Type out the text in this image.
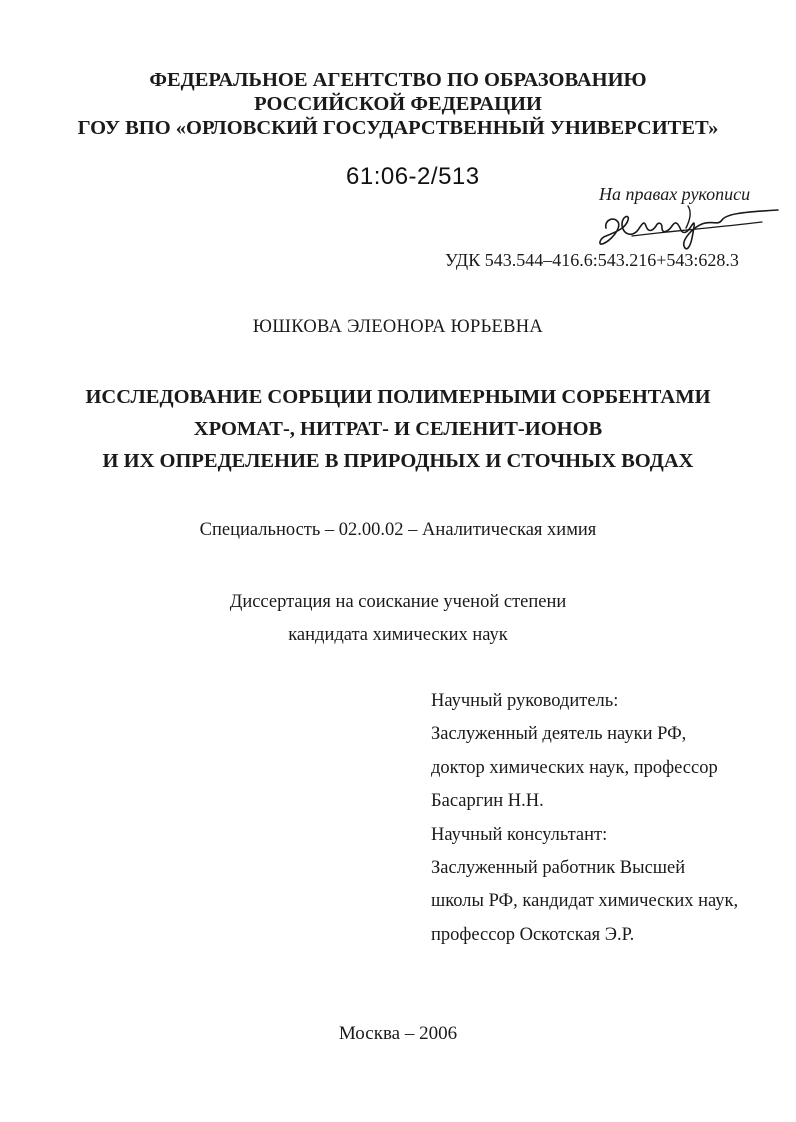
ФЕДЕРАЛЬНОЕ АГЕНТСТВО ПО ОБРАЗОВАНИЮ
РОССИЙСКОЙ ФЕДЕРАЦИИ
ГОУ ВПО «ОРЛОВСКИЙ ГОСУДАРСТВЕННЫЙ УНИВЕРСИТЕТ»
61:06-2/513
На правах рукописи
УДК 543.544–416.6:543.216+543:628.3
ЮШКОВА ЭЛЕОНОРА ЮРЬЕВНА
ИССЛЕДОВАНИЕ СОРБЦИИ ПОЛИМЕРНЫМИ СОРБЕНТАМИ
ХРОМАТ-, НИТРАТ- И СЕЛЕНИТ-ИОНОВ
И ИХ ОПРЕДЕЛЕНИЕ В ПРИРОДНЫХ И СТОЧНЫХ ВОДАХ
Специальность – 02.00.02 – Аналитическая химия
Диссертация на соискание ученой степени
кандидата химических наук
Научный руководитель:
Заслуженный деятель науки РФ,
доктор химических наук, профессор
Басаргин Н.Н.
Научный консультант:
Заслуженный работник Высшей
школы РФ, кандидат химических наук,
профессор Оскотская Э.Р.
Москва – 2006
